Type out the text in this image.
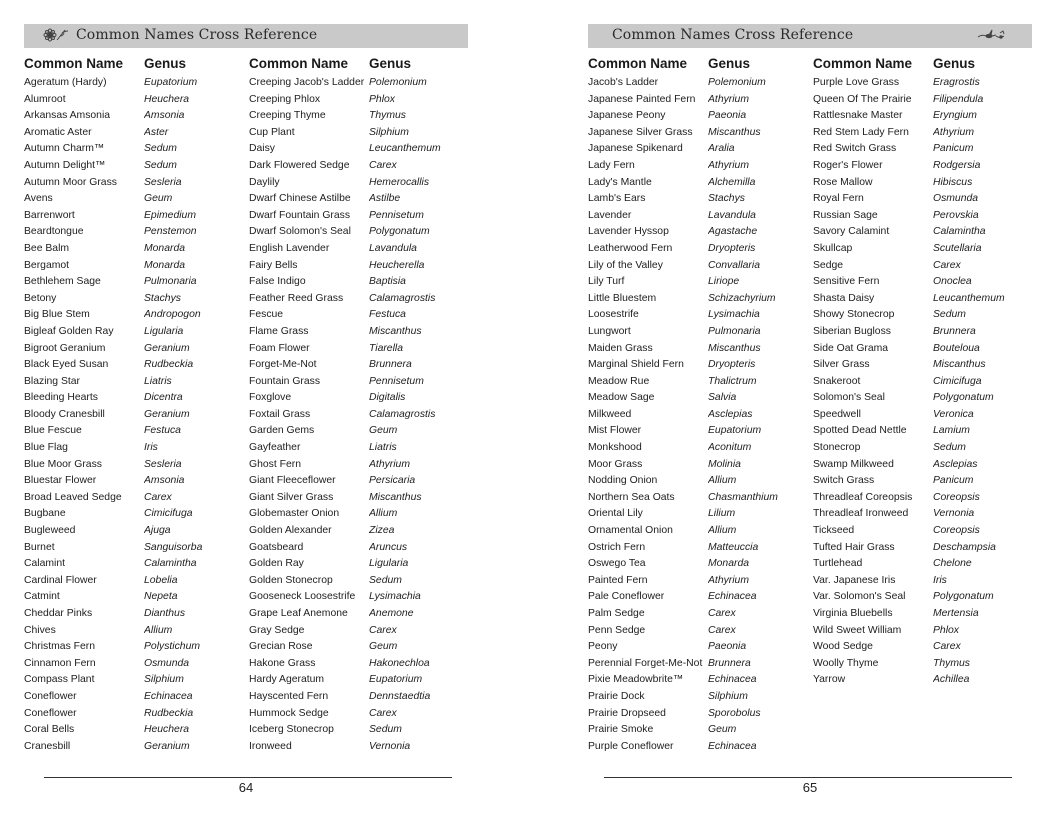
Common Names Cross Reference
Common Name Genus
Ageratum (Hardy)	Eupatorium
Alumroot	Heuchera
Arkansas Amsonia	Amsonia
Aromatic Aster	Aster
Autumn Charm™	Sedum
Autumn Delight™	Sedum
Autumn Moor Grass	Sesleria
Avens	Geum
Barrenwort	Epimedium
Beardtongue	Penstemon
Bee Balm	Monarda
Bergamot	Monarda
Bethlehem Sage	Pulmonaria
Betony	Stachys
Big Blue Stem	Andropogon
Bigleaf Golden Ray	Ligularia
Bigroot Geranium	Geranium
Black Eyed Susan	Rudbeckia
Blazing Star	Liatris
Bleeding Hearts	Dicentra
Bloody Cranesbill	Geranium
Blue Fescue	Festuca
Blue Flag	Iris
Blue Moor Grass	Sesleria
Bluestar Flower	Amsonia
Broad Leaved Sedge	Carex
Bugbane	Cimicifuga
Bugleweed	Ajuga
Burnet	Sanguisorba
Calamint	Calamintha
Cardinal Flower	Lobelia
Catmint	Nepeta
Cheddar Pinks	Dianthus
Chives	Allium
Christmas Fern	Polystichum
Cinnamon Fern	Osmunda
Compass Plant	Silphium
Coneflower	Echinacea
Coneflower	Rudbeckia
Coral Bells	Heuchera
Cranesbill	Geranium
Common Name Genus
Creeping Jacob's Ladder Polemonium
Creeping Phlox	Phlox
Creeping Thyme	Thymus
Cup Plant	Silphium
Daisy	Leucanthemum
Dark Flowered Sedge	Carex
Daylily	Hemerocallis
Dwarf Chinese Astilbe	Astilbe
Dwarf Fountain Grass	Pennisetum
Dwarf Solomon's Seal	Polygonatum
English Lavender	Lavandula
Fairy Bells	Heucherella
False Indigo	Baptisia
Feather Reed Grass	Calamagrostis
Fescue	Festuca
Flame Grass	Miscanthus
Foam Flower	Tiarella
Forget-Me-Not	Brunnera
Fountain Grass	Pennisetum
Foxglove	Digitalis
Foxtail Grass	Calamagrostis
Garden Gems	Geum
Gayfeather	Liatris
Ghost Fern	Athyrium
Giant Fleeceflower	Persicaria
Giant Silver Grass	Miscanthus
Globemaster Onion	Allium
Golden Alexander	Zizea
Goatsbeard	Aruncus
Golden Ray	Ligularia
Golden Stonecrop	Sedum
Gooseneck Loosestrife	Lysimachia
Grape Leaf Anemone	Anemone
Gray Sedge	Carex
Grecian Rose	Geum
Hakone Grass	Hakonechloa
Hardy Ageratum	Eupatorium
Hayscented Fern	Dennstaedtia
Hummock Sedge	Carex
Iceberg Stonecrop	Sedum
Ironweed	Vernonia
64
Common Names Cross Reference
Common Name Genus
Jacob's Ladder	Polemonium
Japanese Painted Fern	Athyrium
Japanese Peony	Paeonia
Japanese Silver Grass	Miscanthus
Japanese Spikenard	Aralia
Lady Fern	Athyrium
Lady's Mantle	Alchemilla
Lamb's Ears	Stachys
Lavender	Lavandula
Lavender Hyssop	Agastache
Leatherwood Fern	Dryopteris
Lily of the Valley	Convallaria
Lily Turf	Liriope
Little Bluestem	Schizachyrium
Loosestrife	Lysimachia
Lungwort	Pulmonaria
Maiden Grass	Miscanthus
Marginal Shield Fern	Dryopteris
Meadow Rue	Thalictrum
Meadow Sage	Salvia
Milkweed	Asclepias
Mist Flower	Eupatorium
Monkshood	Aconitum
Moor Grass	Molinia
Nodding Onion	Allium
Northern Sea Oats	Chasmanthium
Oriental Lily	Lilium
Ornamental Onion	Allium
Ostrich Fern	Matteuccia
Oswego Tea	Monarda
Painted Fern	Athyrium
Pale Coneflower	Echinacea
Palm Sedge	Carex
Penn Sedge	Carex
Peony	Paeonia
Perennial Forget-Me-Not Brunnera
Pixie Meadowbrite™	Echinacea
Prairie Dock	Silphium
Prairie Dropseed	Sporobolus
Prairie Smoke	Geum
Purple Coneflower	Echinacea
Common Name Genus
Purple Love Grass	Eragrostis
Queen Of The Prairie	Filipendula
Rattlesnake Master	Eryngium
Red Stem Lady Fern	Athyrium
Red Switch Grass	Panicum
Roger's Flower	Rodgersia
Rose Mallow	Hibiscus
Royal Fern	Osmunda
Russian Sage	Perovskia
Savory Calamint	Calamintha
Skullcap	Scutellaria
Sedge	Carex
Sensitive Fern	Onoclea
Shasta Daisy	Leucanthemum
Showy Stonecrop	Sedum
Siberian Bugloss	Brunnera
Side Oat Grama	Bouteloua
Silver Grass	Miscanthus
Snakeroot	Cimicifuga
Solomon's Seal	Polygonatum
Speedwell	Veronica
Spotted Dead Nettle	Lamium
Stonecrop	Sedum
Swamp Milkweed	Asclepias
Switch Grass	Panicum
Threadleaf Coreopsis	Coreopsis
Threadleaf Ironweed	Vernonia
Tickseed	Coreopsis
Tufted Hair Grass	Deschampsia
Turtlehead	Chelone
Var. Japanese Iris	Iris
Var. Solomon's Seal	Polygonatum
Virginia Bluebells	Mertensia
Wild Sweet William	Phlox
Wood Sedge	Carex
Woolly Thyme	Thymus
Yarrow	Achillea
65
